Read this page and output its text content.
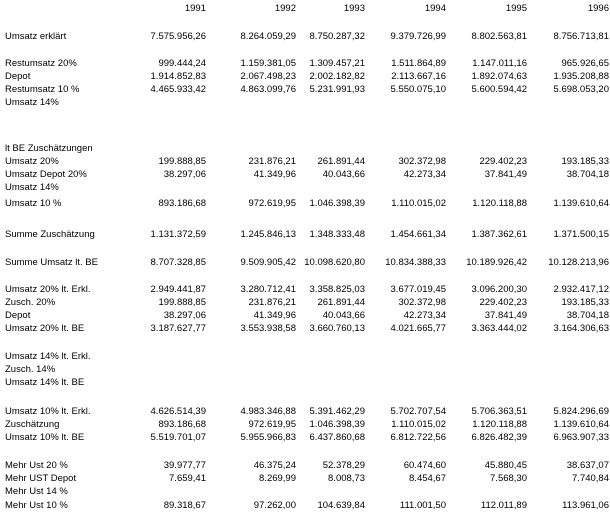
1991	1992	1993	1994	1995	1996
Umsatz erklärt	7.575.956,26	8.264.059,29 8.750.287,32	9.379.726,99	8.802.563,81	8.756.713,81
Restumsatz 20%	999.444,24	1.159.381,05 1.309.457,21	1.511.864,89	1.147.011,16	965.926,65
Depot	1.914.852,83	2.067.498,23 2.002.182,82	2.113.667,16	1.892.074,63	1.935.208,88
Restumsatz 10 %	4.465.933,42	4.863.099,76 5.231.991,93	5.550.075,10	5.600.594,42	5.698.053,20
Umsatz 14%
lt BE Zuschätzungen
Umsatz 20%	199.888,85	231.876,21 261.891,44	302.372,98	229.402,23	193.185,33
Umsatz Depot 20%	38.297,06	41.349,96	40.043,66	42.273,34	37.841,49	38.704,18
Umsatz 14%
Umsatz 10 %	893.186,68	972.619,95 1.046.398,39	1.110.015,02	1.120.118,88	1.139.610,64
Summe Zuschätzung	1.131.372,59	1.245.846,13 1.348.333,48	1.454.661,34	1.387.362,61	1.371.500,15
Summe Umsatz lt. BE	8.707.328,85	9.509.905,42 10.098.620,80 10.834.388,33 10.189.926,42 10.128.213,96
Umsatz 20% lt. Erkl.	2.949.441,87	3.280.712,41 3.358.825,03	3.677.019,45	3.096.200,30	2.932.417,12
Zusch. 20%	199.888,85	231.876,21 261.891,44	302.372,98	229.402,23	193.185,33
Depot	38.297,06	41.349,96	40.043,66	42.273,34	37.841,49	38.704,18
Umsatz 20% lt. BE	3.187.627,77	3.553.938,58 3.660.760,13	4.021.665,77	3.363.444,02	3.164.306,63
Umsatz 14% lt. Erkl.
Zusch. 14%
Umsatz 14% lt. BE
Umsatz 10% lt. Erkl.	4.626.514,39	4.983.346,88 5.391.462,29	5.702.707,54	5.706.363,51	5.824.296,69
Zuschätzung	893.186,68	972.619,95 1.046.398,39	1.110.015,02	1.120.118,88	1.139.610,64
Umsatz 10% lt. BE	5.519.701,07	5.955.966,83 6.437.860,68	6.812.722,56	6.826.482,39	6.963.907,33
Mehr Ust 20 %	39.977,77	46.375,24	52.378,29	60.474,60	45.880,45	38.637,07
Mehr UST Depot	7.659,41	8.269,99	8.008,73	8.454,67	7.568,30	7.740,84
Mehr Ust 14 %
Mehr Ust 10 %	89.318,67	97.262,00 104.639,84	111.001,50	112.011,89	113.961,06
